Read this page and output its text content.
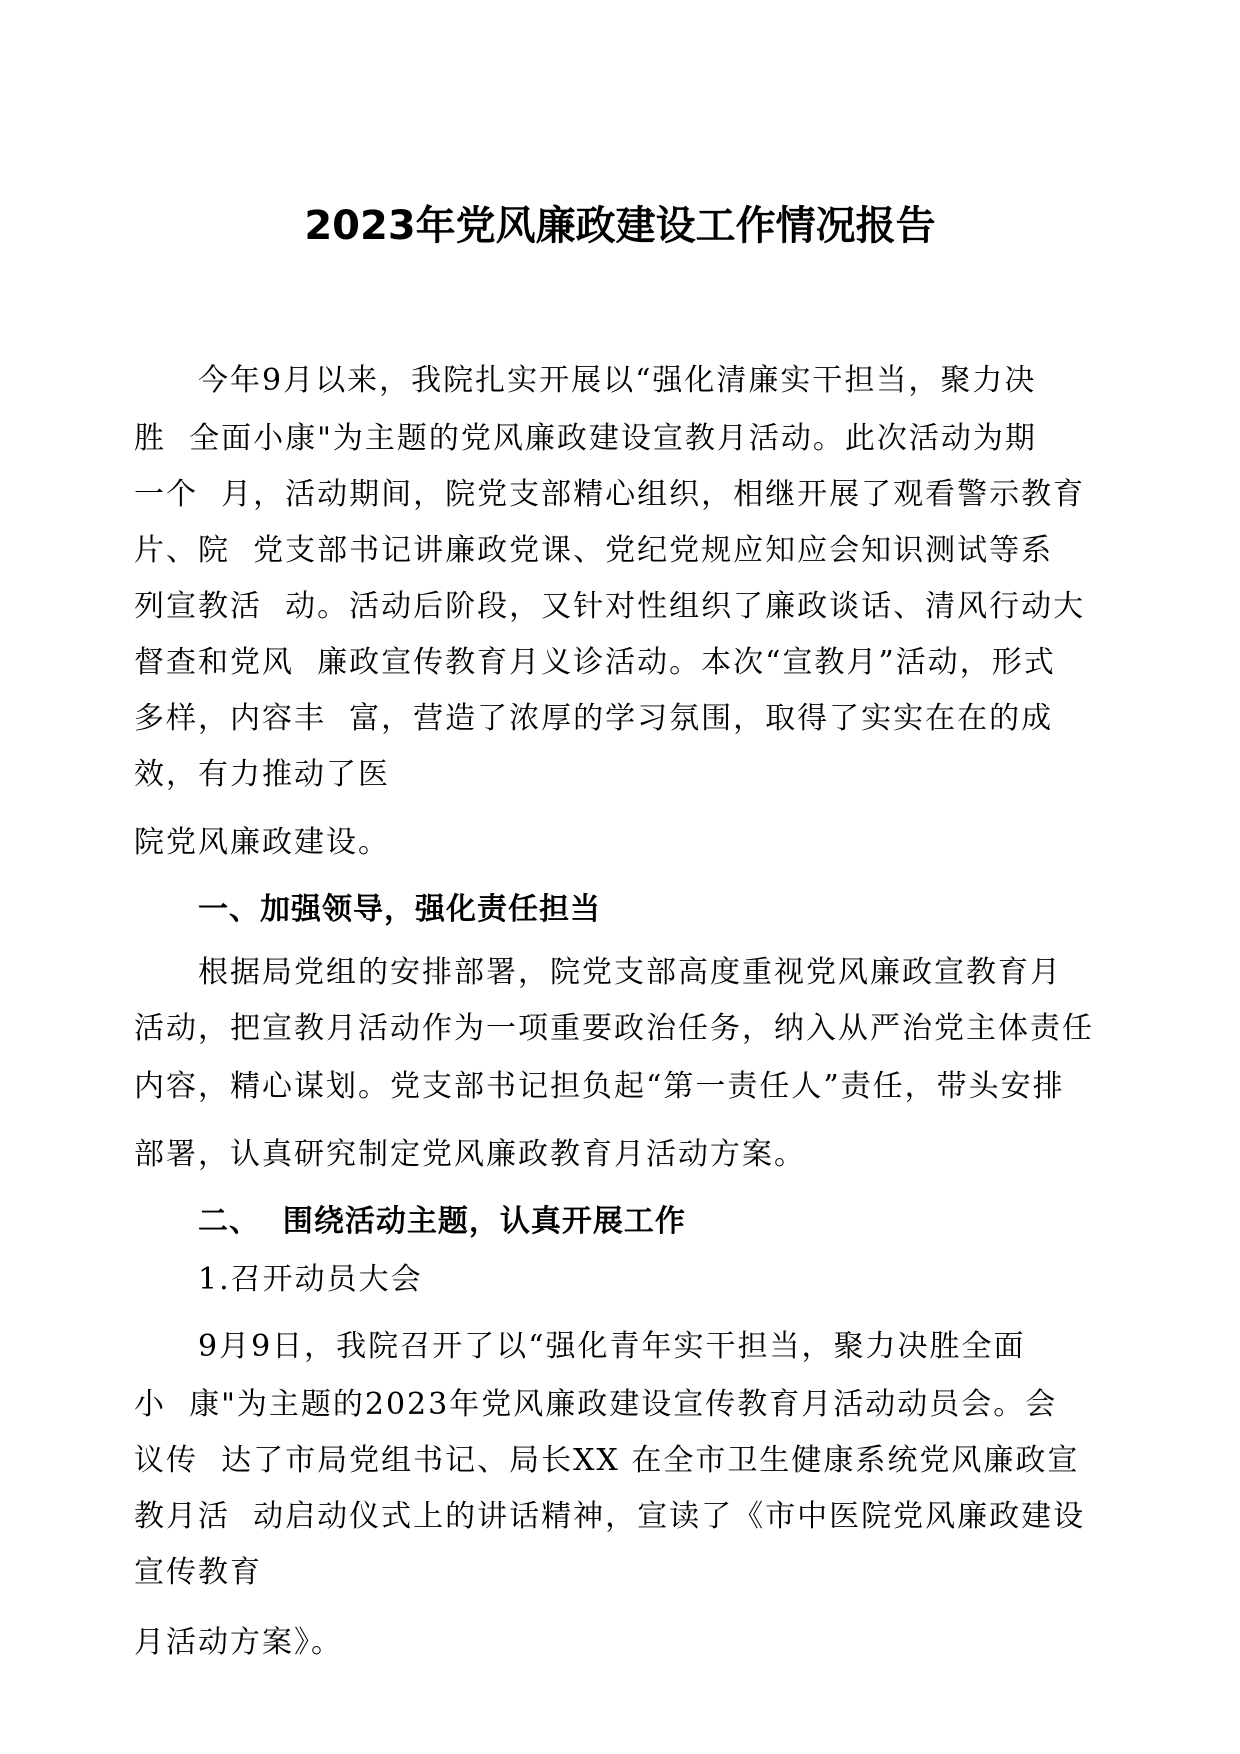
2023年党风廉政建设工作情况报告

今年9月以来，我院扎实开展以“强化清廉实干担当，聚力决

胜  全面小康"为主题的党风廉政建设宣教月活动。此次活动为期

一个  月，活动期间，院党支部精心组织，相继开展了观看警示教育

片、院  党支部书记讲廉政党课、党纪党规应知应会知识测试等系

列宣教活  动。活动后阶段，又针对性组织了廉政谈话、清风行动大

督查和党风  廉政宣传教育月义诊活动。本次“宣教月”活动，形式

多样，内容丰  富，营造了浓厚的学习氛围，取得了实实在在的成

效，有力推动了医

院党风廉政建设。

一、加强领导，强化责任担当

根据局党组的安排部署，院党支部高度重视党风廉政宣教育月

活动，把宣教月活动作为一项重要政治任务，纳入从严治党主体责任

内容，精心谋划。党支部书记担负起“第一责任人”责任，带头安排

部署，认真研究制定党风廉政教育月活动方案。

二、  围绕活动主题，认真开展工作

1.召开动员大会

9月9日，我院召开了以“强化青年实干担当，聚力决胜全面

小  康"为主题的2023年党风廉政建设宣传教育月活动动员会。会

议传  达了市局党组书记、局长XX 在全市卫生健康系统党风廉政宣

教月活  动启动仪式上的讲话精神，宣读了《市中医院党风廉政建设

宣传教育

月活动方案》。
